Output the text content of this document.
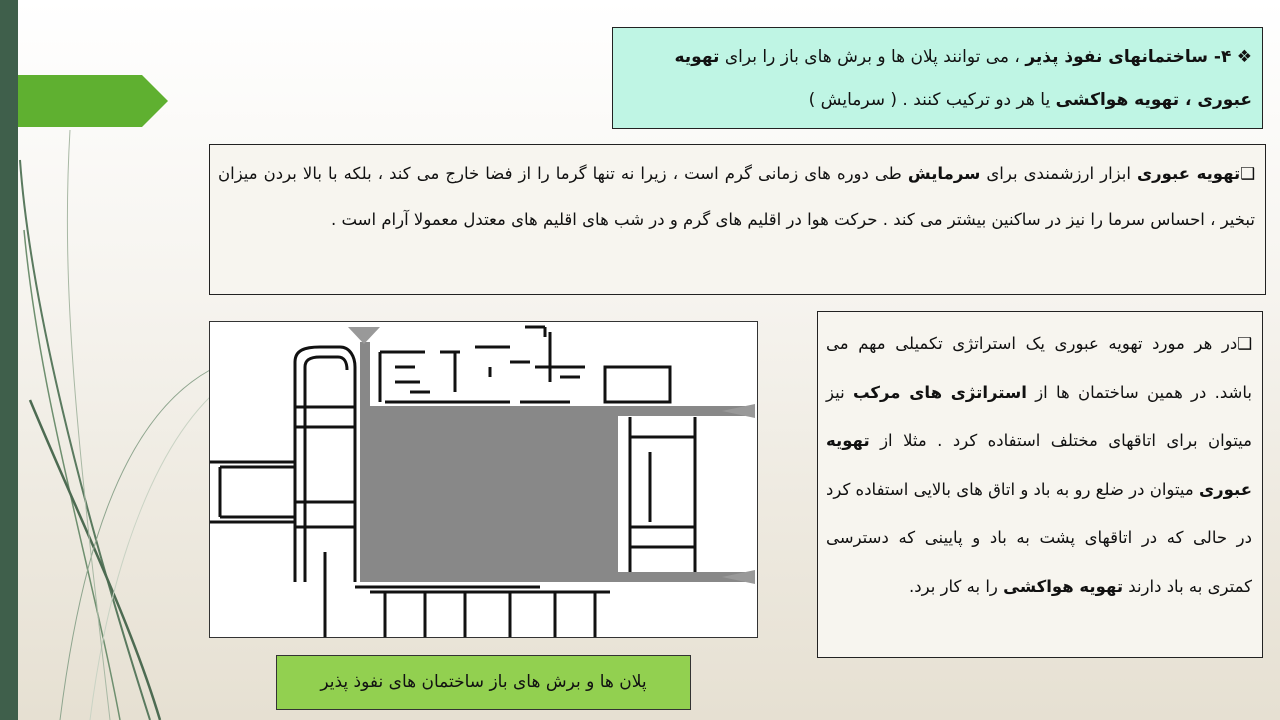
❖ ۴- ساختمانهای نفوذ پذیر ، می توانند پلان ها و برش های باز را برای تهویه عبوری ، تهویه هواکشی یا هر دو ترکیب کنند . ( سرمایش )
❑تهویه عبوری ابزار ارزشمندی برای سرمایش طی دوره های زمانی گرم است ، زیرا نه تنها گرما را از فضا خارج می کند ، بلکه با بالا بردن میزان تبخیر ، احساس سرما را نیز در ساکنین بیشتر می کند . حرکت هوا در اقلیم های گرم و در شب های اقلیم های معتدل معمولا آرام است .
❑در هر مورد تهویه عبوری یک استراتژی تکمیلی مهم می باشد. در همین ساختمان ها از استراتژی های مرکب نیز میتوان برای اتاقهای مختلف استفاده کرد . مثلا از تهویه عبوری میتوان در ضلع رو به باد و اتاق های بالایی استفاده کرد در حالی که در اتاقهای پشت به باد و پایینی که دسترسی کمتری به باد دارند تهویه هواکشی را به کار برد.
پلان ها و برش های باز ساختمان های نفوذ پذیر
